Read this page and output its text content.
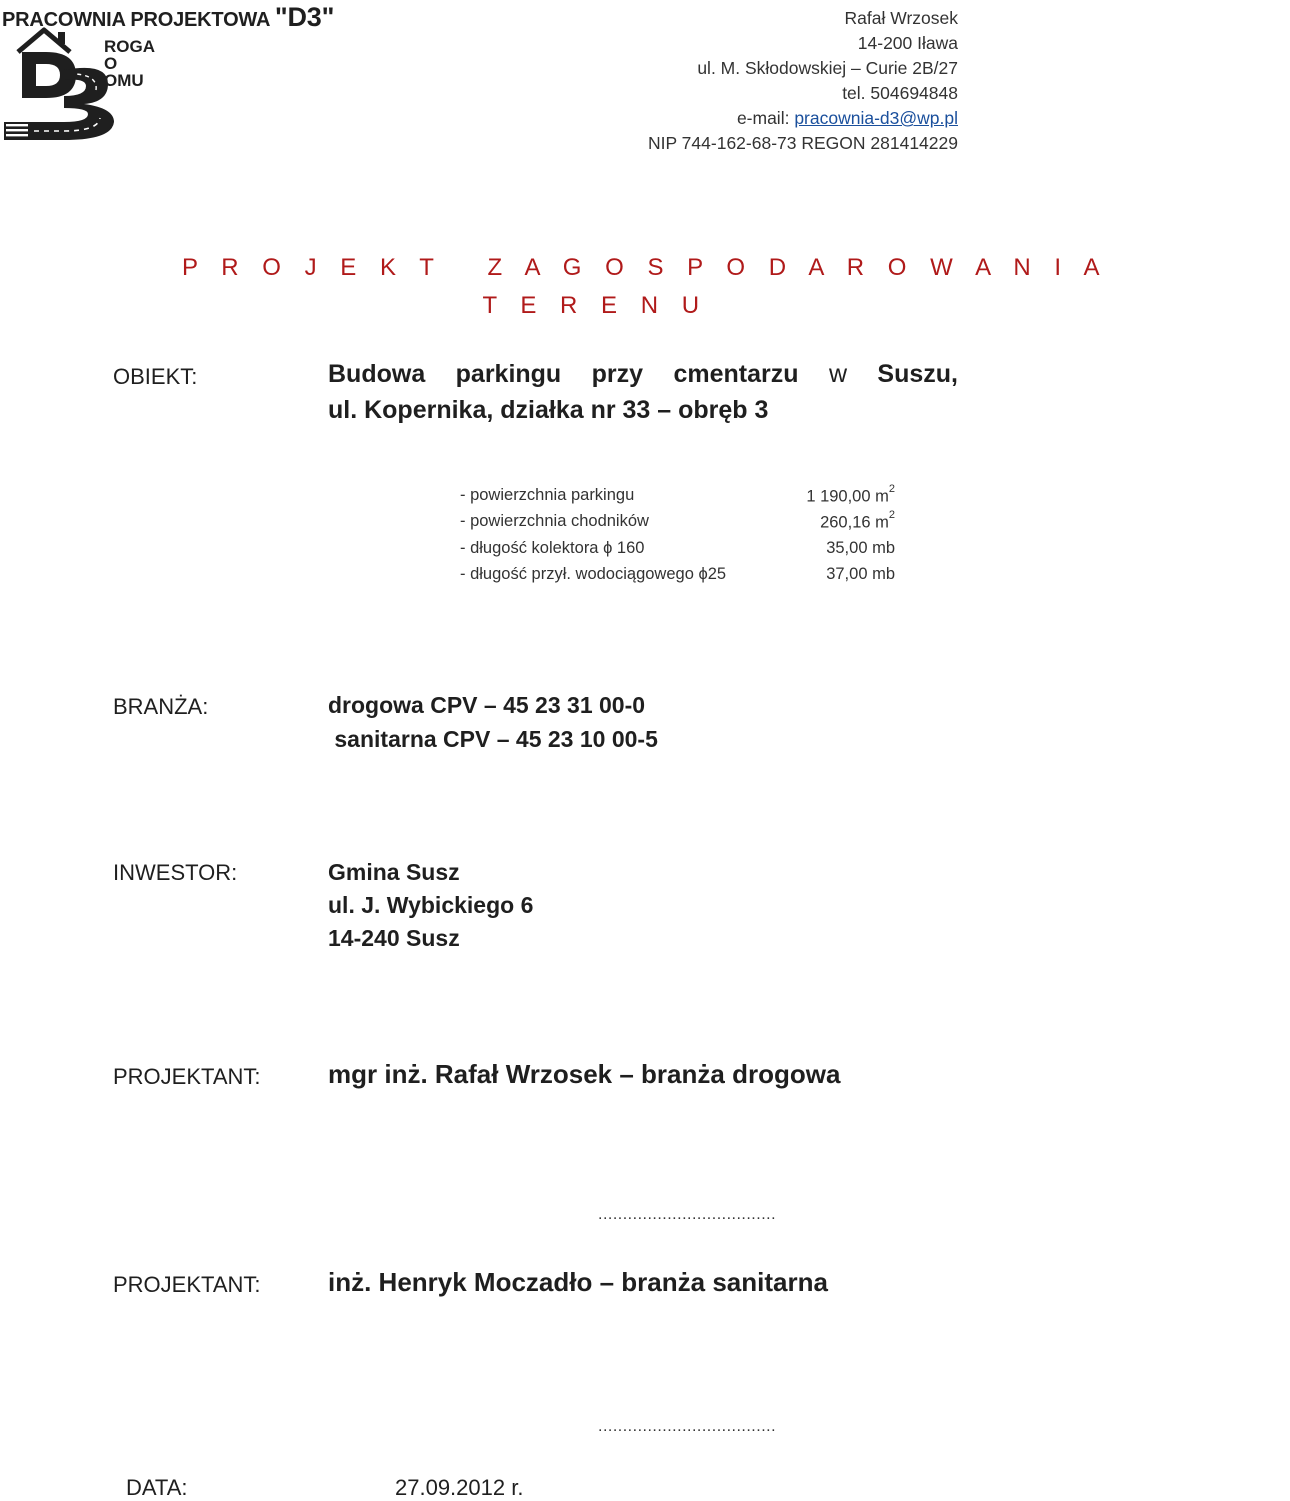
PRACOWNIA PROJEKTOWA "D3"
ROGA
O
OMU
Rafał Wrzosek
14-200 Iława
ul. M. Skłodowskiej – Curie 2B/27
tel. 504694848
e-mail: pracownia-d3@wp.pl
NIP 744-162-68-73 REGON 281414229
P R O J E K T   Z A G O S P O D A R O W A N I A
T E R E N U
OBIEKT:	Budowa parkingu przy cmentarzu w Suszu,
ul. Kopernika, działka nr 33 – obręb 3
- powierzchnia parkingu	1 190,00 $m^2$
- powierzchnia chodników	260,16 $m^2$
- długość kolektora ϕ 160	35,00 mb
- długość przył. wodociągowego ϕ25	37,00 mb
BRANŻA:	drogowa CPV – 45 23 31 00-0
sanitarna CPV – 45 23 10 00-5
INWESTOR:	Gmina Susz
ul. J. Wybickiego 6
14-240 Susz
PROJEKTANT:	mgr inż. Rafał Wrzosek – branża drogowa
....................................
PROJEKTANT:	inż. Henryk Moczadło – branża sanitarna
....................................
DATA:	27.09.2012 r.
